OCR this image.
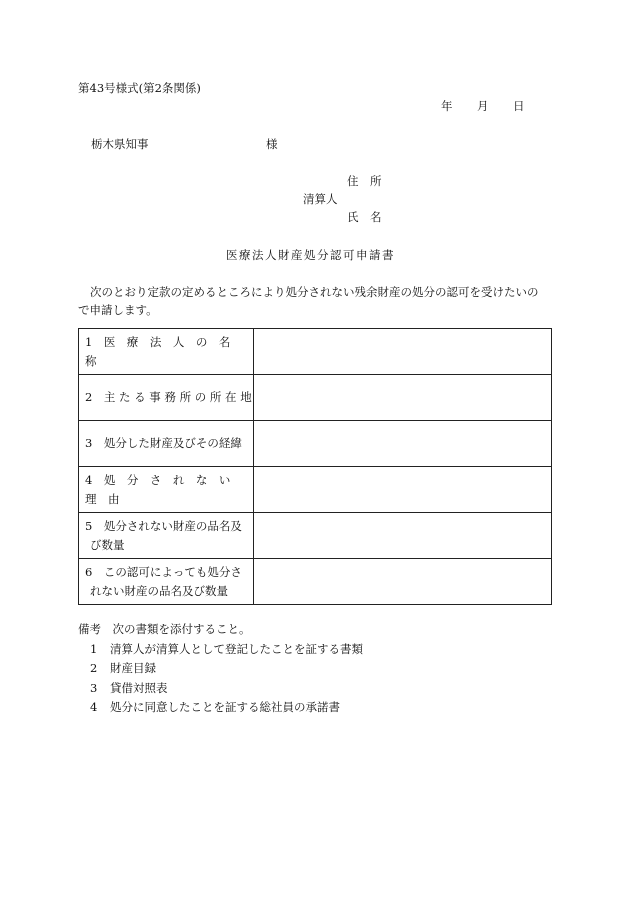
第43号様式(第2条関係)
年 月 日
栃木県知事	様
住　所
清算人
氏　名
医療法人財産処分認可申請書
次のとおり定款の定めるところにより処分されない残余財産の処分の認可を受けたいの
で申請します。
1　医　療　法　人　の　名　称	

2　主 た る 事 務 所 の 所 在 地	

3　処分した財産及びその経緯	

4　処　分　さ　れ　な　い　理　由	

5　処分されない財産の品名及
び数量	

6　この認可によっても処分さ
れない財産の品名及び数量	

備考　次の書類を添付すること。
1 清算人が清算人として登記したことを証する書類
2 財産目録
3 貸借対照表
4 処分に同意したことを証する総社員の承諾書
